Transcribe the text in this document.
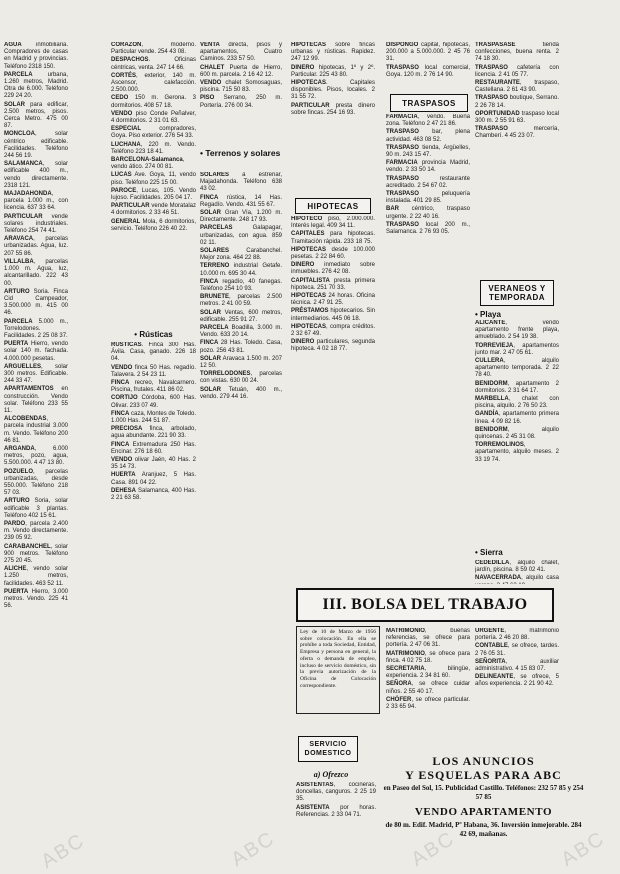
AGUA inmobiliaria. Compradores de casas en Madrid y provincias. Teléfono 2318 150.

PARCELA urbana, 1.260 metros, Madrid. Otra de 6.000. Teléfono 229 24 20.

SOLAR para edificar, 2.500 metros, pisos. Cerca Metro. 475 00 87.

MONCLOA, solar céntrico edificable. Facilidades. Teléfono 244 56 19.

SALAMANCA, solar edificable 400 m., vendo directamente. 2318 121.

MAJADAHONDA, parcela 1.000 m., con licencia. 637 33 64.

PARTICULAR vende solares industriales. Teléfono 254 74 41.

ARAVACA, parcelas urbanizadas. Agua, luz. 207 55 86.

VILLALBA, parcelas 1.000 m. Agua, luz, alcantarillado. 222 43 00.

ARTURO Soria. Finca Cid Campeador, 3.500.000 m. 415 00 46.

PARCELA 5.000 m., Torrelodones. Facilidades. 2 25 08 37.

PUERTA Hierro, vendo solar 140 m. fachada. 4.000.000 pesetas.

ARGUELLES, solar 300 metros. Edificable. 244 33 47.

APARTAMENTOS en construcción. Vendo solar. Teléfono 233 55 11.

ALCOBENDAS, parcela industrial 3.000 m. Vendo. Teléfono 200 46 81.

ARGANDA, 6.000 metros, pozo, agua, 5.500.000. 4 47 13 80.

POZUELO, parcelas urbanizadas, desde 550.000. Teléfono 218 57 03.

ARTURO Soria, solar edificable 3 plantas. Teléfono 402 15 61.

PARDO, parcela 2.400 m. Vendo directamente. 239 05 92.

CARABANCHEL, solar 900 metros. Teléfono 275 20 45.

ALICHE, vendo solar 1.250 metros, facilidades. 463 52 11.

PUERTA Hierro, 3.000 metros. Vendo. 225 41 56.

CORAZÓN, moderno. Particular vende. 254 43 08.

DESPACHOS. Oficinas céntricas, venta. 247 14 66.

CORTÉS, exterior, 140 m. Ascensor, calefacción. 2.500.000.

CEDO 150 m. Gerona. 3 dormitorios. 408 57 18.

VENDO piso Conde Peñalver, 4 dormitorios. 2 31 01 63.

ESPECIAL compradores, Goya. Piso exterior. 276 54 33.

LUCHANA, 220 m. Vendo. Teléfono 223 18 41.

BARCELONA-Salamanca, vendo ático. 274 00 81.

LUCAS Ave. Goya, 11, vendo piso. Teléfono 225 15 00.

PAROCE, Lucas, 105. Vendo lujoso. Facilidades. 205 04 17.

PARTICULAR vende Moratalaz 4 dormitorios. 2 33 46 51.

GENERAL Mola, 6 dormitorios, servicio. Teléfono 226 40 22.

• Rústicas

RÚSTICAS. Finca 300 Has. Ávila. Casa, ganado. 226 18 04.

VENDO finca 50 Has. regadío. Talavera. 2 54 23 11.

FINCA recreo, Navalcarnero. Piscina, frutales. 411 86 02.

CORTIJO Córdoba, 600 Has. Olivar. 233 07 49.

FINCA caza, Montes de Toledo. 1.000 Has. 244 51 87.

PRECIOSA finca, arbolado, agua abundante. 221 90 33.

FINCA Extremadura 250 Has. Encinar. 276 18 60.

VENDO olivar Jaén, 40 Has. 2 35 14 73.

HUERTA Aranjuez, 5 Has. Casa. 891 04 22.

DEHESA Salamanca, 400 Has. 2 21 63 58.

• Terrenos y solares

SOLARES a estrenar, Majadahonda. Teléfono 638 43 02.

FINCA rústica, 14 Has. Regadío. Vendo. 431 55 67.

SOLAR Gran Vía, 1.200 m. Directamente. 248 17 93.

PARCELAS Galapagar, urbanizadas, con agua. 859 02 11.

SOLARES Carabanchel. Mejor zona. 464 22 88.

TERRENO industrial Getafe. 10.000 m. 695 30 44.

FINCA regadío, 40 fanegas. Teléfono 254 10 93.

BRUNETE, parcelas 2.500 metros. 2 41 00 59.

SOLAR Ventas, 600 metros, edificable. 255 91 27.

PARCELA Boadilla, 3.000 m. Vendo. 633 20 14.

FINCA 28 Has. Toledo. Casa, pozo. 256 43 81.

SOLAR Aravaca 1.500 m. 207 12 50.

TORRELODONES, parcelas con vistas. 630 00 24.

SOLAR Tetuán, 400 m., vendo. 279 44 16.

VENTA directa, pisos y apartamentos, Cuatro Caminos. 233 57 50.

CHALET Puerta de Hierro, 600 m. parcela. 2 16 42 12.

VENDO chalet Somosaguas, piscina. 715 50 83.

PISO Serrano, 250 m. Portería. 276 00 34.

HIPOTECAS sobre fincas urbanas y rústicas. Rapidez. 247 12 99.

DINERO hipotecas, 1º y 2º. Particular. 225 43 80.

HIPOTECAS. Capitales disponibles. Pisos, locales. 2 31 55 72.

PARTICULAR presta dinero sobre fincas. 254 16 93.

HIPOTECAS

HIPOTECO piso, 2.000.000. Interés legal. 409 34 11.

CAPITALES para hipotecas. Tramitación rápida. 233 18 75.

HIPOTECAS desde 100.000 pesetas. 2 22 84 60.

DINERO inmediato sobre inmuebles. 276 42 08.

CAPITALISTA presta primera hipoteca. 251 70 33.

HIPOTECAS 24 horas. Oficina técnica. 2 47 91 25.

PRÉSTAMOS hipotecarios. Sin intermediarios. 445 06 18.

HIPOTECAS, compra créditos. 2 32 67 49.

DINERO particulares, segunda hipoteca. 4 02 18 77.

DISPONGO capital, hipotecas, 200.000 a 5.000.000. 2 45 76 31.

TRASPASO local comercial, Goya. 120 m. 2 76 14 90.

TRASPASOS

FARMACIA, vendo. Buena zona. Teléfono 2 47 21 86.

TRASPASO bar, plena actividad. 463 08 52.

TRASPASO tienda, Argüelles, 90 m. 243 15 47.

FARMACIA provincia Madrid, vendo. 2 33 50 14.

TRASPASO restaurante acreditado. 2 54 67 02.

TRASPASO peluquería instalada. 401 29 85.

BAR céntrico, traspaso urgente. 2 22 40 16.

TRASPASO local 200 m., Salamanca. 2 76 93 05.

TRASPASASE tienda confecciones, buena renta. 2 74 18 30.

TRASPASO cafetería con licencia. 2 41 05 77.

RESTAURANTE, traspaso, Castellana. 2 61 43 90.

TRASPASO boutique, Serrano. 2 26 78 14.

OPORTUNIDAD traspaso local 300 m. 2 55 91 63.

TRASPASO mercería, Chamberí. 4 45 23 07.

VERANEOS Y TEMPORADA
• Playa

ALICANTE, vendo apartamento frente playa, amueblado. 2 54 19 38.

TORREVIEJA, apartamentos junto mar. 2 47 05 61.

CULLERA, alquilo apartamento temporada. 2 22 78 40.

BENIDORM, apartamento 2 dormitorios. 2 31 64 17.

MARBELLA, chalet con piscina, alquilo. 2 76 50 23.

GANDÍA, apartamento primera línea. 4 09 82 16.

BENIDORM, alquilo quincenas. 2 45 31 08.

TORREMOLINOS, apartamento, alquilo meses. 2 33 19 74.

• Sierra

CEDEDILLA, alquilo chalet, jardín, piscina. 8 59 02 41.

NAVACERRADA, alquilo casa

III. BOLSA DEL TRABAJO
Ley de 10 de Marzo de 1956 sobre colocación. En ella se prohíbe a toda Sociedad, Entidad, Empresa y persona en general, la oferta o demanda de empleo, incluso de servicio doméstico, sin la previa autorización de la Oficina de Colocación correspondiente.

MATRIMONIO, buenas referencias, se ofrece para portería. 2 47 06 31.

MATRIMONIO, se ofrece para finca. 4 02 75 18.

SECRETARIA, bilingüe, experiencia. 2 34 81 60.

SEÑORA, se ofrece cuidar niños. 2 55 40 17.

CHÓFER, se ofrece particular. 2 33 65 94.

URGENTE, matrimonio portería. 2 46 20 88.

CONTABLE, se ofrece, tardes. 2 76 05 31.

SEÑORITA, auxiliar administrativo. 4 15 83 07.

DELINEANTE, se ofrece, 5 años experiencia. 2 21 90 42.

SERVICIO DOMESTICO
a) Ofrezco

ASISTENTAS, cocineras, doncellas, canguros. 2 25 19 35.

ASISTENTA por horas. Referencias. 2 33 04 71.

LOS ANUNCIOS
Y ESQUELAS PARA ABC
en Paseo del Sol, 15. Publicidad Castillo. Teléfonos: 232 57 85 y 254 57 85
VENDO APARTAMENTO
de 80 m. Edif. Madrid, Pº Habana, 36. Inversión inmejorable. 284 42 69, mañanas.
ABC	ABC	ABC	ABC
